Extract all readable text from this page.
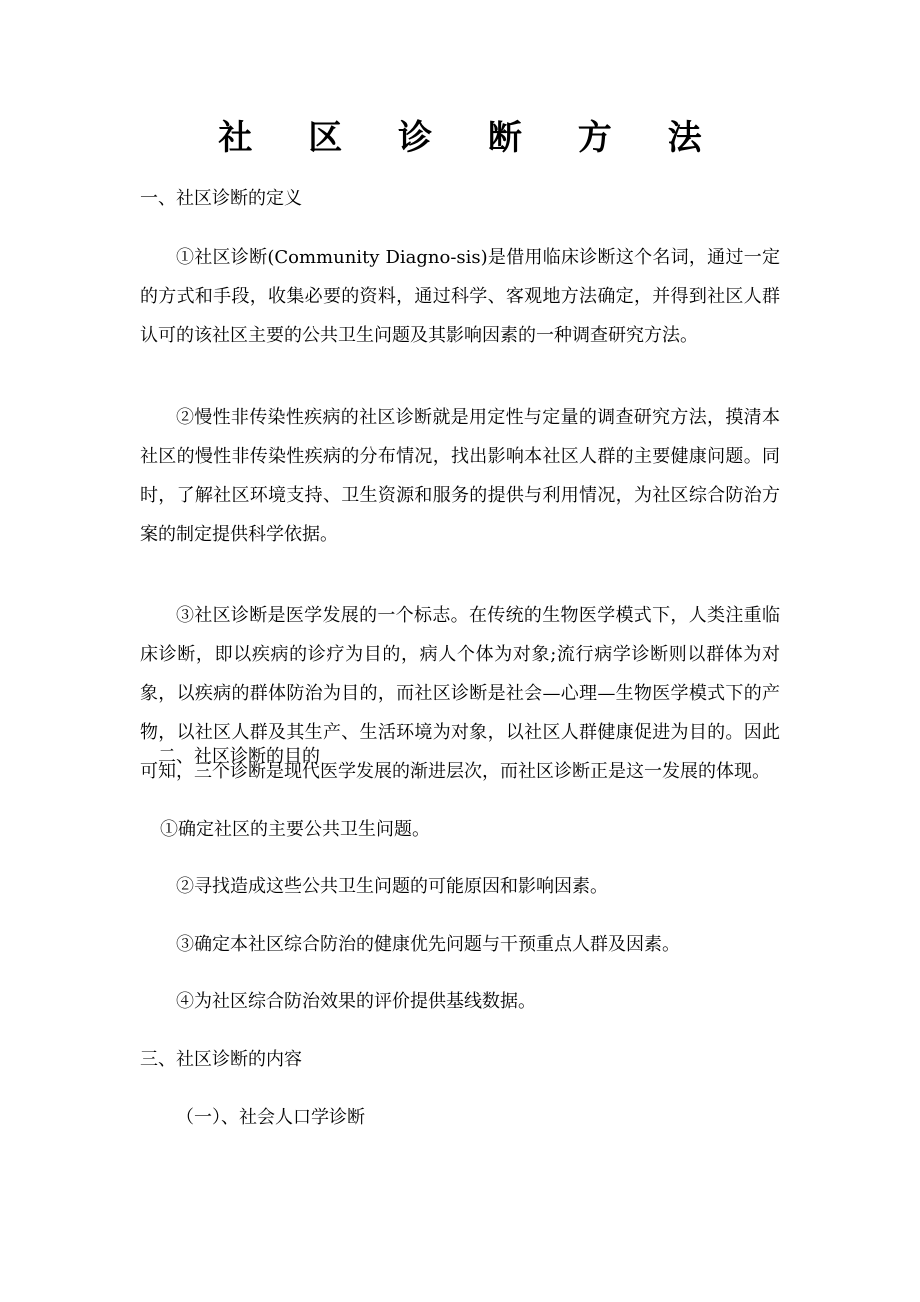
社 区 诊 断 方 法
一、社区诊断的定义
①社区诊断(Community Diagno-sis)是借用临床诊断这个名词，通过一定的方式和手段，收集必要的资料，通过科学、客观地方法确定，并得到社区人群认可的该社区主要的公共卫生问题及其影响因素的一种调查研究方法。
②慢性非传染性疾病的社区诊断就是用定性与定量的调查研究方法，摸清本社区的慢性非传染性疾病的分布情况，找出影响本社区人群的主要健康问题。同时，了解社区环境支持、卫生资源和服务的提供与利用情况，为社区综合防治方案的制定提供科学依据。
③社区诊断是医学发展的一个标志。在传统的生物医学模式下，人类注重临床诊断，即以疾病的诊疗为目的，病人个体为对象;流行病学诊断则以群体为对象，以疾病的群体防治为目的，而社区诊断是社会—心理—生物医学模式下的产物，以社区人群及其生产、生活环境为对象，以社区人群健康促进为目的。因此可知，三个诊断是现代医学发展的渐进层次，而社区诊断正是这一发展的体现。
二、社区诊断的目的
①确定社区的主要公共卫生问题。
②寻找造成这些公共卫生问题的可能原因和影响因素。
③确定本社区综合防治的健康优先问题与干预重点人群及因素。
④为社区综合防治效果的评价提供基线数据。
三、社区诊断的内容
（一）、社会人口学诊断
